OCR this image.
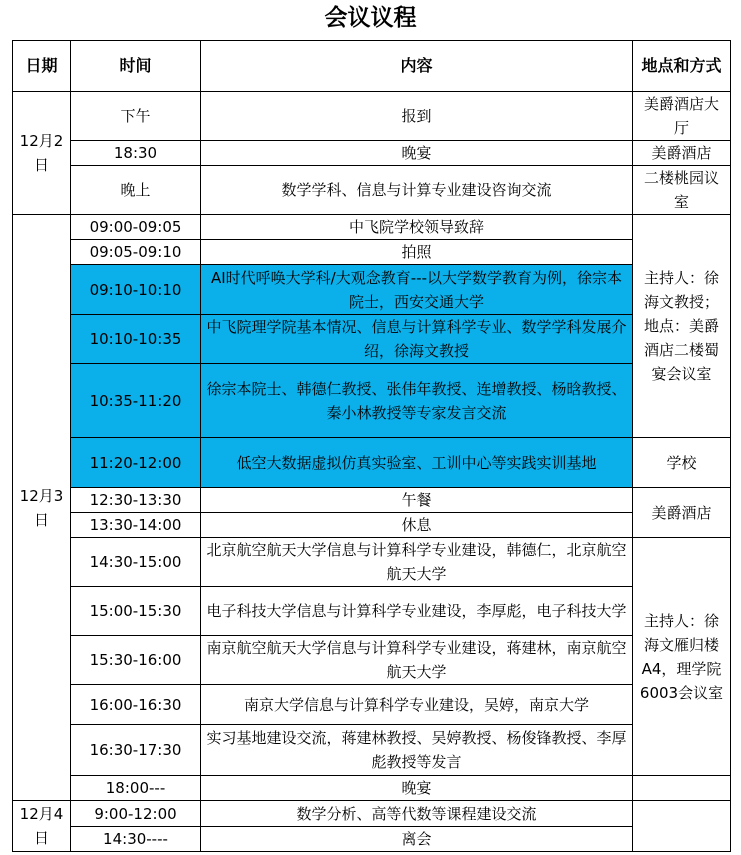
会议议程
日期	时间	内容	地点和方式
12月2日	下午	报到	美爵酒店大厅
	18:30	晚宴	美爵酒店
	晚上	数学学科、信息与计算专业建设咨询交流	二楼桃园议室
12月3日	09:00-09:05	中飞院学校领导致辞	主持人：徐海文教授；地点：美爵酒店二楼蜀宴会议室
	09:05-09:10	拍照	
	09:10-10:10	AI时代呼唤大学科/大观念教育---以大学数学教育为例，徐宗本院士，西安交通大学	
	10:10-10:35	中飞院理学院基本情况、信息与计算科学专业、数学学科发展介绍，徐海文教授	
	10:35-11:20	徐宗本院士、韩德仁教授、张伟年教授、连增教授、杨晗教授、秦小林教授等专家发言交流	
	11:20-12:00	低空大数据虚拟仿真实验室、工训中心等实践实训基地	学校
	12:30-13:30	午餐	美爵酒店
	13:30-14:00	休息	
	14:30-15:00	北京航空航天大学信息与计算科学专业建设，韩德仁，北京航空航天大学	主持人：徐海文雁归楼A4，理学院6003会议室
	15:00-15:30	电子科技大学信息与计算科学专业建设，李厚彪，电子科技大学	
	15:30-16:00	南京航空航天大学信息与计算科学专业建设，蒋建林，南京航空航天大学	
	16:00-16:30	南京大学信息与计算科学专业建设，吴婷，南京大学	
	16:30-17:30	实习基地建设交流，蒋建林教授、吴婷教授、杨俊锋教授、李厚彪教授等发言	
	18:00---	晚宴	
12月4日	9:00-12:00	数学分析、高等代数等课程建设交流	
	14:30----	离会	
